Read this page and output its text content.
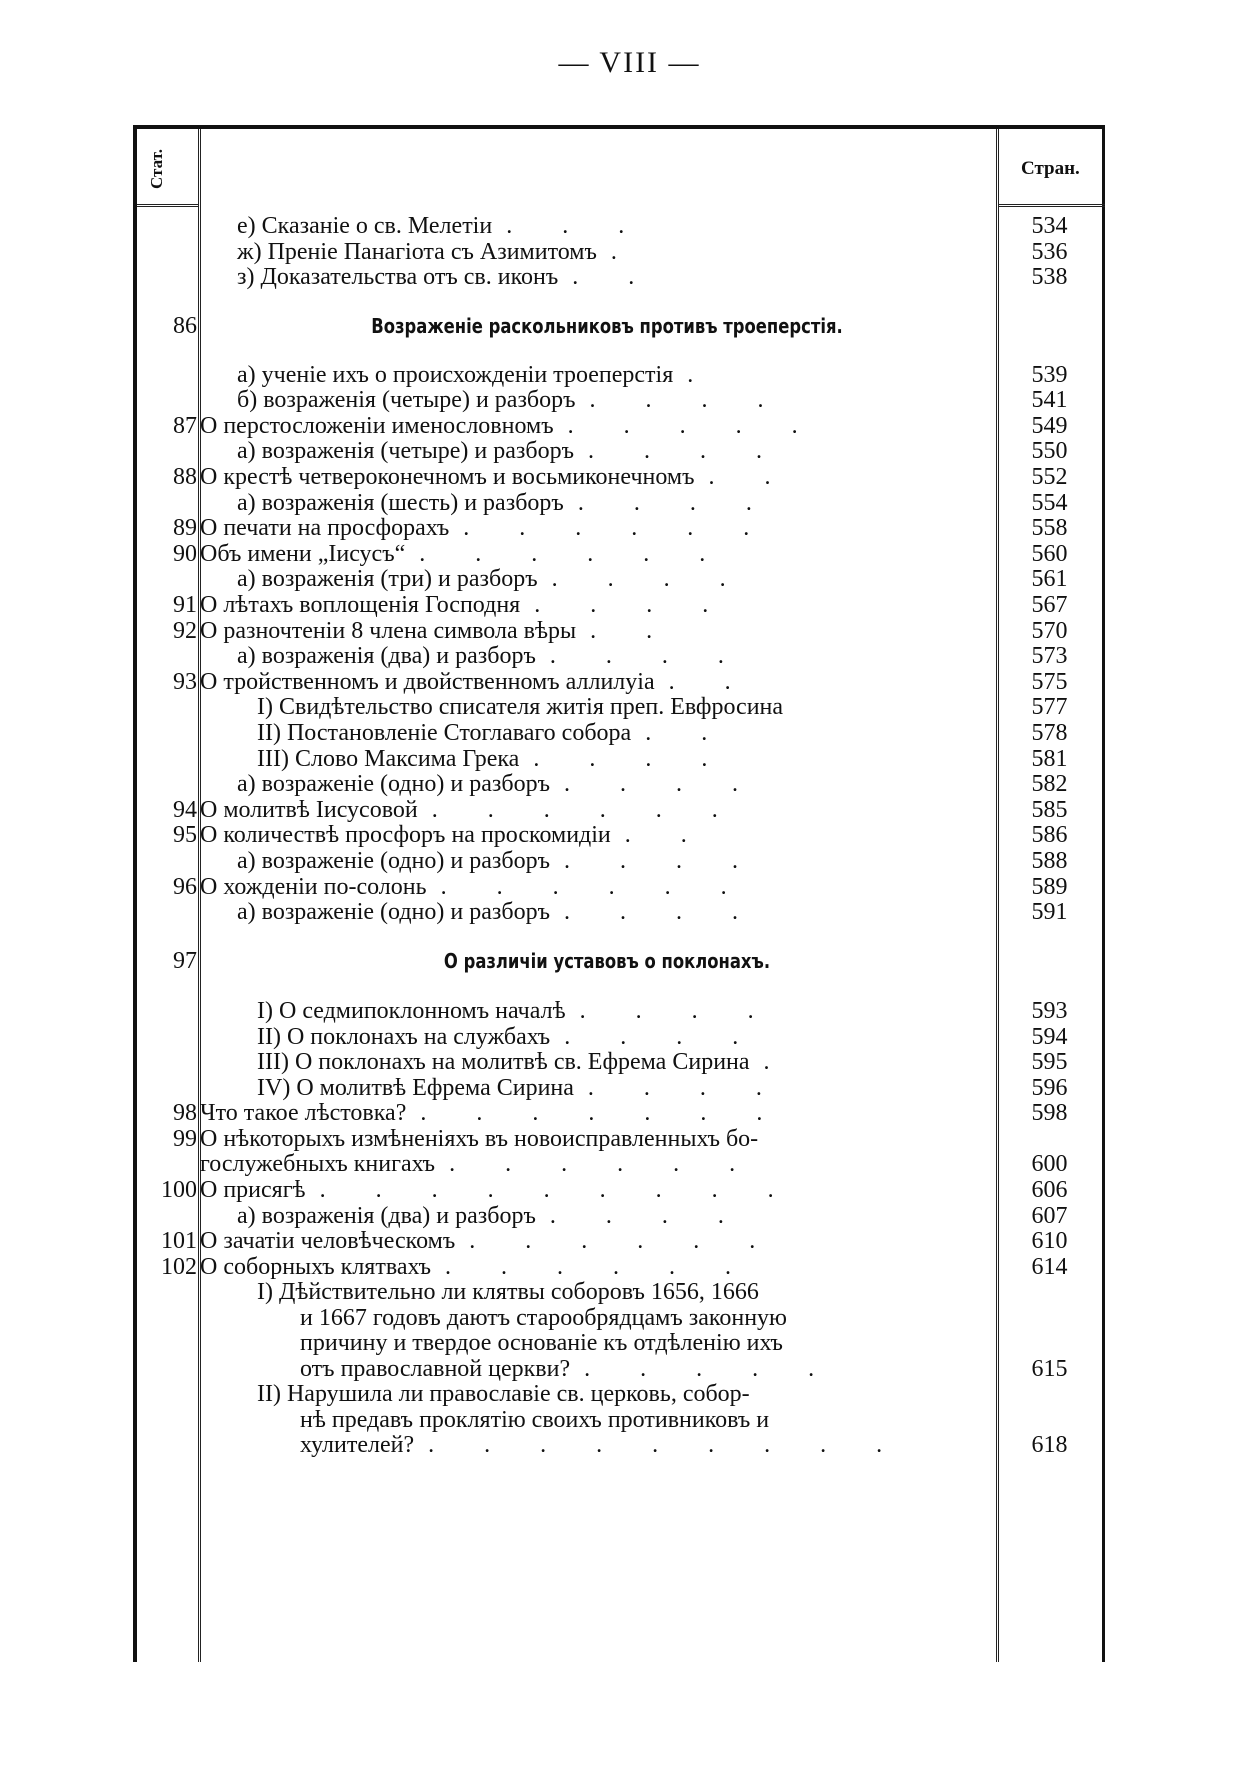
— VIII —
Стат.	Стран.
е) Сказаніе о св. Мелетіи . . .	534
ж) Преніе Панагіота съ Азимитомъ .	536
з) Доказательства отъ св. иконъ . .	538
86	Возраженіе раскольниковъ противъ троеперстія.
а) ученіе ихъ о происхожденіи троеперстія .	539
б) возраженія (четыре) и разборъ . . . .	541
87 О перстосложеніи именословномъ . . . . .	549
а) возраженія (четыре) и разборъ . . . .	550
88 О крестѣ четвероконечномъ и восьмиконечномъ . .	552
а) возраженія (шесть) и разборъ . . . .	554
89 О печати на просфорахъ . . . . . .	558
90 Объ имени „Іисусъ“ . . . . . .	560
а) возраженія (три) и разборъ . . . .	561
91 О лѣтахъ воплощенія Господня . . . .	567
92 О разночтеніи 8 члена символа вѣры . .	570
а) возраженія (два) и разборъ . . . .	573
93 О тройственномъ и двойственномъ аллилуіа . .	575
I) Свидѣтельство списателя житія преп. Евфросина	577
II) Постановленіе Стоглаваго собора . .	578
III) Слово Максима Грека . . . .	581
а) возраженіе (одно) и разборъ . . . .	582
94 О молитвѣ Іисусовой . . . . . .	585
95 О количествѣ просфоръ на проскомидіи . .	586
а) возраженіе (одно) и разборъ . . . .	588
96 О хожденіи по-солонь . . . . . .	589
а) возраженіе (одно) и разборъ . . . .	591
97	О различіи уставовъ о поклонахъ.
I) О седмипоклонномъ началѣ . . . .	593
II) О поклонахъ на службахъ . . . .	594
III) О поклонахъ на молитвѣ св. Ефрема Сирина .	595
IV) О молитвѣ Ефрема Сирина . . . .	596
98 Что такое лѣстовка? . . . . . . .	598
99 О нѣкоторыхъ измѣненіяхъ въ новоисправленныхъ бо-
гослужебныхъ книгахъ . . . . . .	600
100 О присягѣ . . . . . . . . .	606
а) возраженія (два) и разборъ . . . .	607
101 О зачатіи человѣческомъ . . . . . .	610
102 О соборныхъ клятвахъ . . . . . .	614
I) Дѣйствительно ли клятвы соборовъ 1656, 1666
и 1667 годовъ даютъ старообрядцамъ законную
причину и твердое основаніе къ отдѣленію ихъ
отъ православной церкви? . . . . .	615
II) Нарушила ли православіе св. церковь, собор-
нѣ предавъ проклятію своихъ противниковъ и
хулителей? . . . . . . . . .	618
